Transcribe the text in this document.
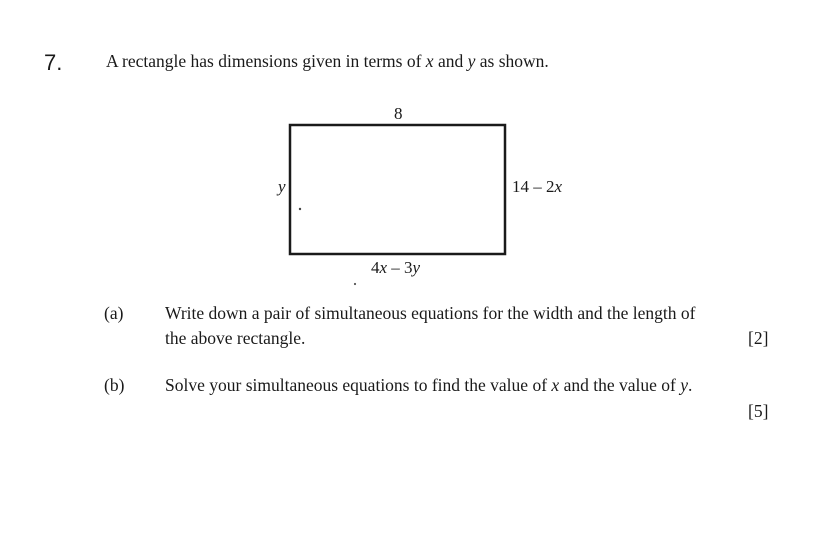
7. A rectangle has dimensions given in terms of x and y as shown.
8
y	14 – 2x
4x – 3y
(a) Write down a pair of simultaneous equations for the width and the length of
the above rectangle.	[2]
(b) Solve your simultaneous equations to find the value of x and the value of y.
[5]
